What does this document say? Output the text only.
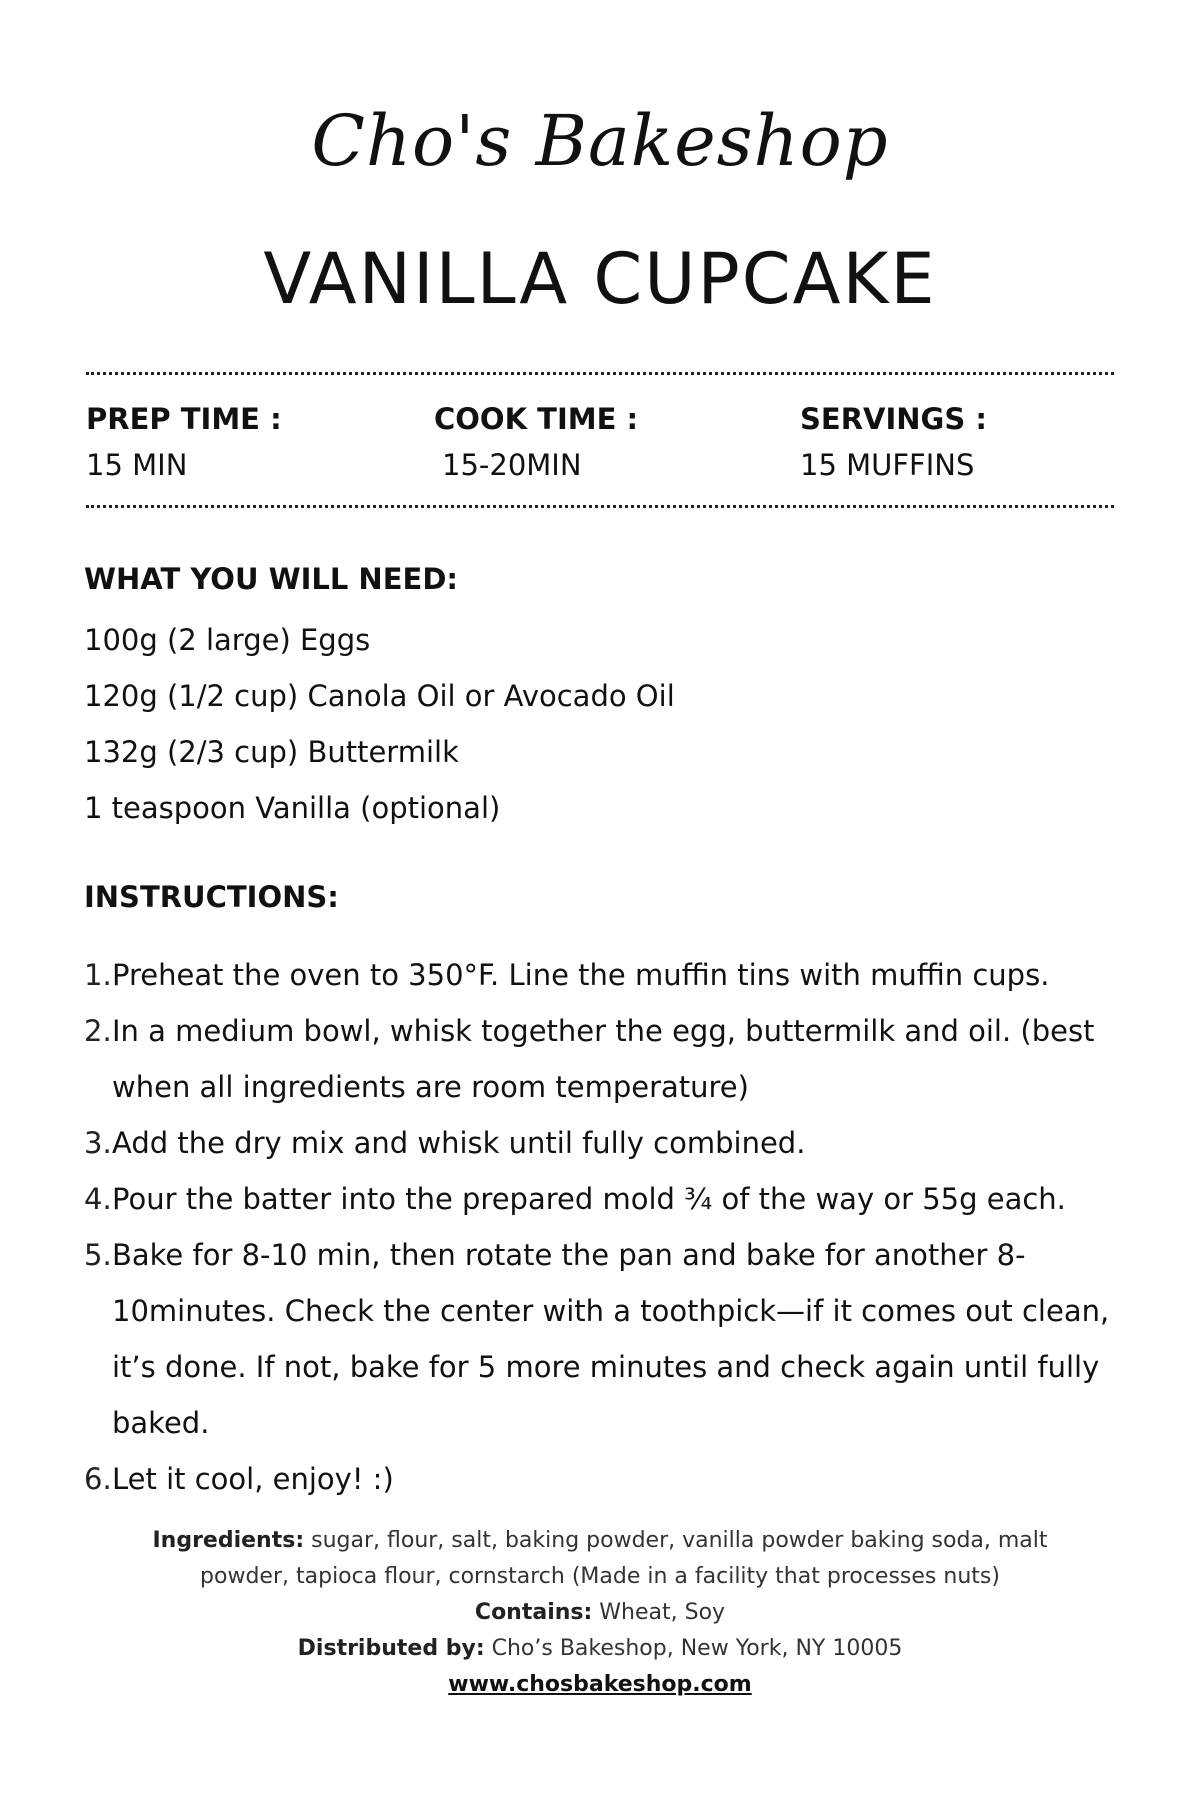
Cho's Bakeshop
VANILLA CUPCAKE
PREP TIME :
15 MIN
COOK TIME :
15-20MIN
SERVINGS :
15 MUFFINS
WHAT YOU WILL NEED:
100g (2 large) Eggs
120g (1/2 cup) Canola Oil or Avocado Oil
132g (2/3 cup) Buttermilk
1 teaspoon Vanilla (optional)
INSTRUCTIONS:
1. Preheat the oven to 350°F. Line the muffin tins with muffin cups.
2. In a medium bowl, whisk together the egg, buttermilk and oil. (best when all ingredients are room temperature)
3. Add the dry mix and whisk until fully combined.
4. Pour the batter into the prepared mold ¾ of the way or 55g each.
5. Bake for 8-10 min, then rotate the pan and bake for another 8-10minutes. Check the center with a toothpick—if it comes out clean, it’s done. If not, bake for 5 more minutes and check again until fully baked.
6. Let it cool, enjoy! :)
Ingredients: sugar, flour, salt, baking powder, vanilla powder baking soda, malt
powder, tapioca flour, cornstarch (Made in a facility that processes nuts)
Contains: Wheat, Soy
Distributed by: Cho’s Bakeshop, New York, NY 10005
www.chosbakeshop.com
